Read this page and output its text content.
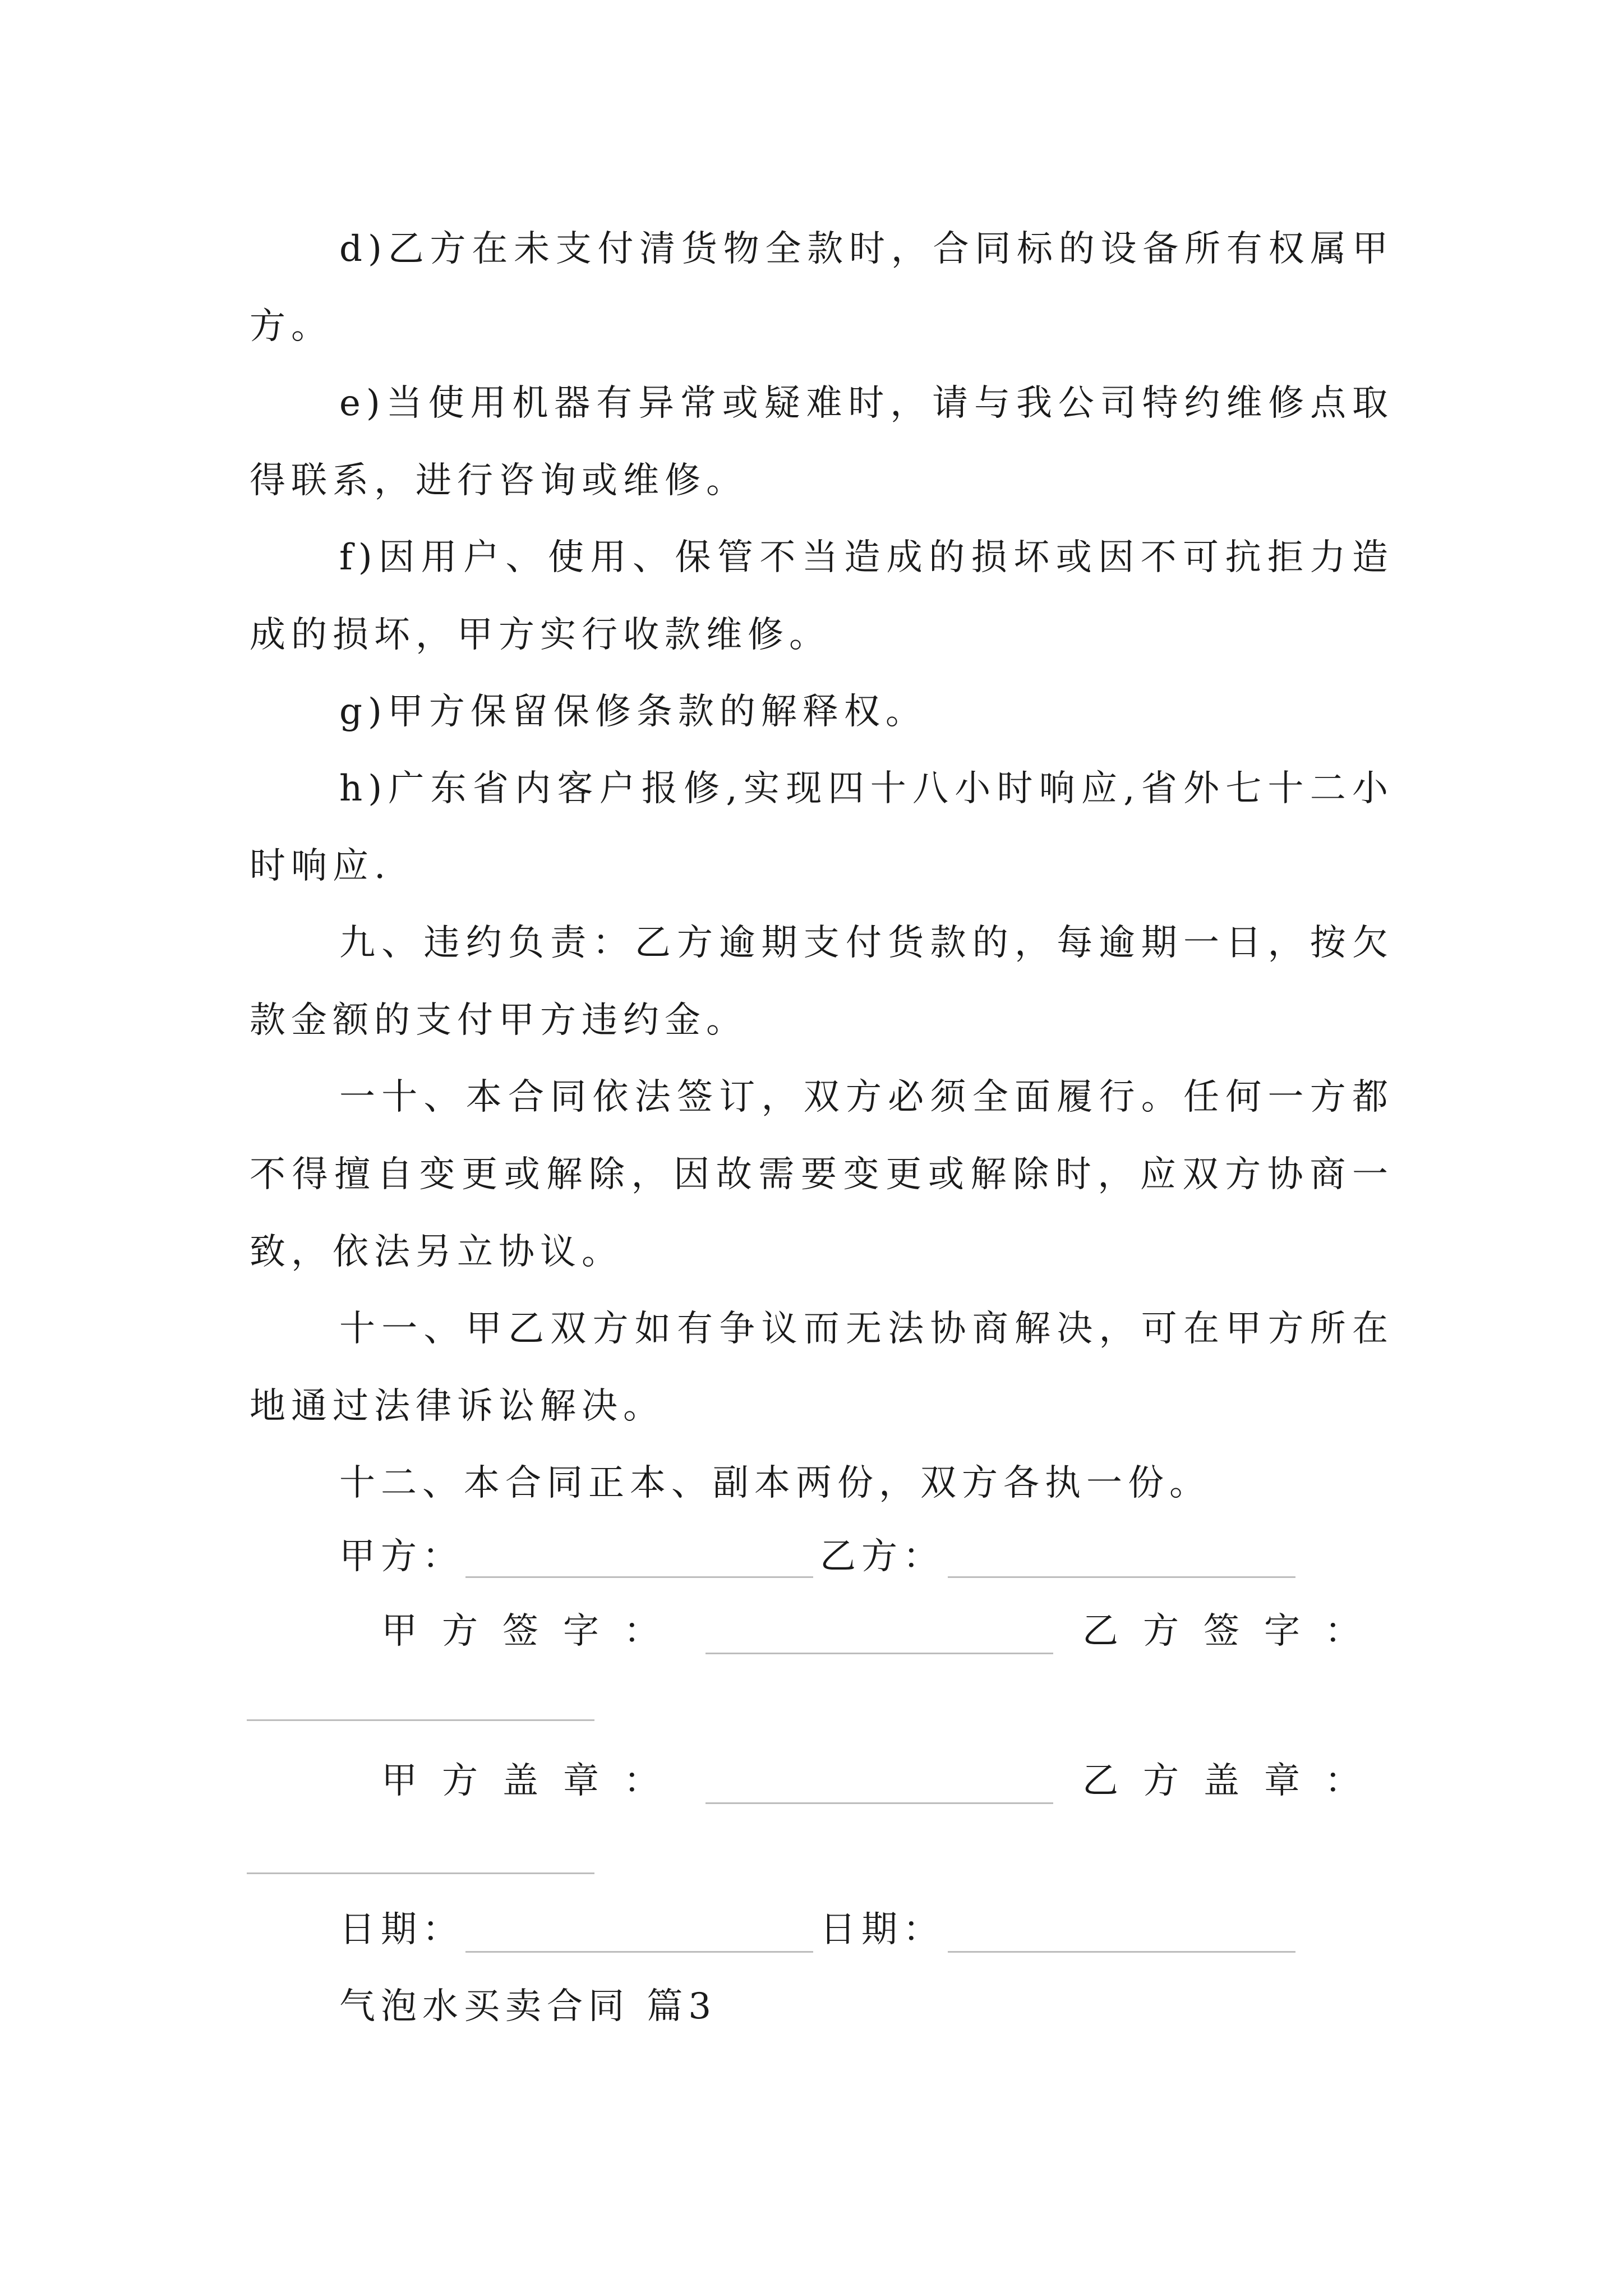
d)乙方在未支付清货物全款时，合同标的设备所有权属甲方。

e)当使用机器有异常或疑难时，请与我公司特约维修点取得联系，进行咨询或维修。

f)因用户、使用、保管不当造成的损坏或因不可抗拒力造成的损坏，甲方实行收款维修。

g)甲方保留保修条款的解释权。

h)广东省内客户报修,实现四十八小时响应,省外七十二小时响应.

九、违约负责：乙方逾期支付货款的，每逾期一日，按欠款金额的支付甲方违约金。

一十、本合同依法签订，双方必须全面履行。任何一方都不得擅自变更或解除，因故需要变更或解除时，应双方协商一致，依法另立协议。

十一、甲乙双方如有争议而无法协商解决，可在甲方所在地通过法律诉讼解决。

十二、本合同正本、副本两份，双方各执一份。

甲方：	乙方：
甲方签字：	乙方签字：
甲方盖章：	乙方盖章：
日期：	日期：
气泡水买卖合同 篇3
